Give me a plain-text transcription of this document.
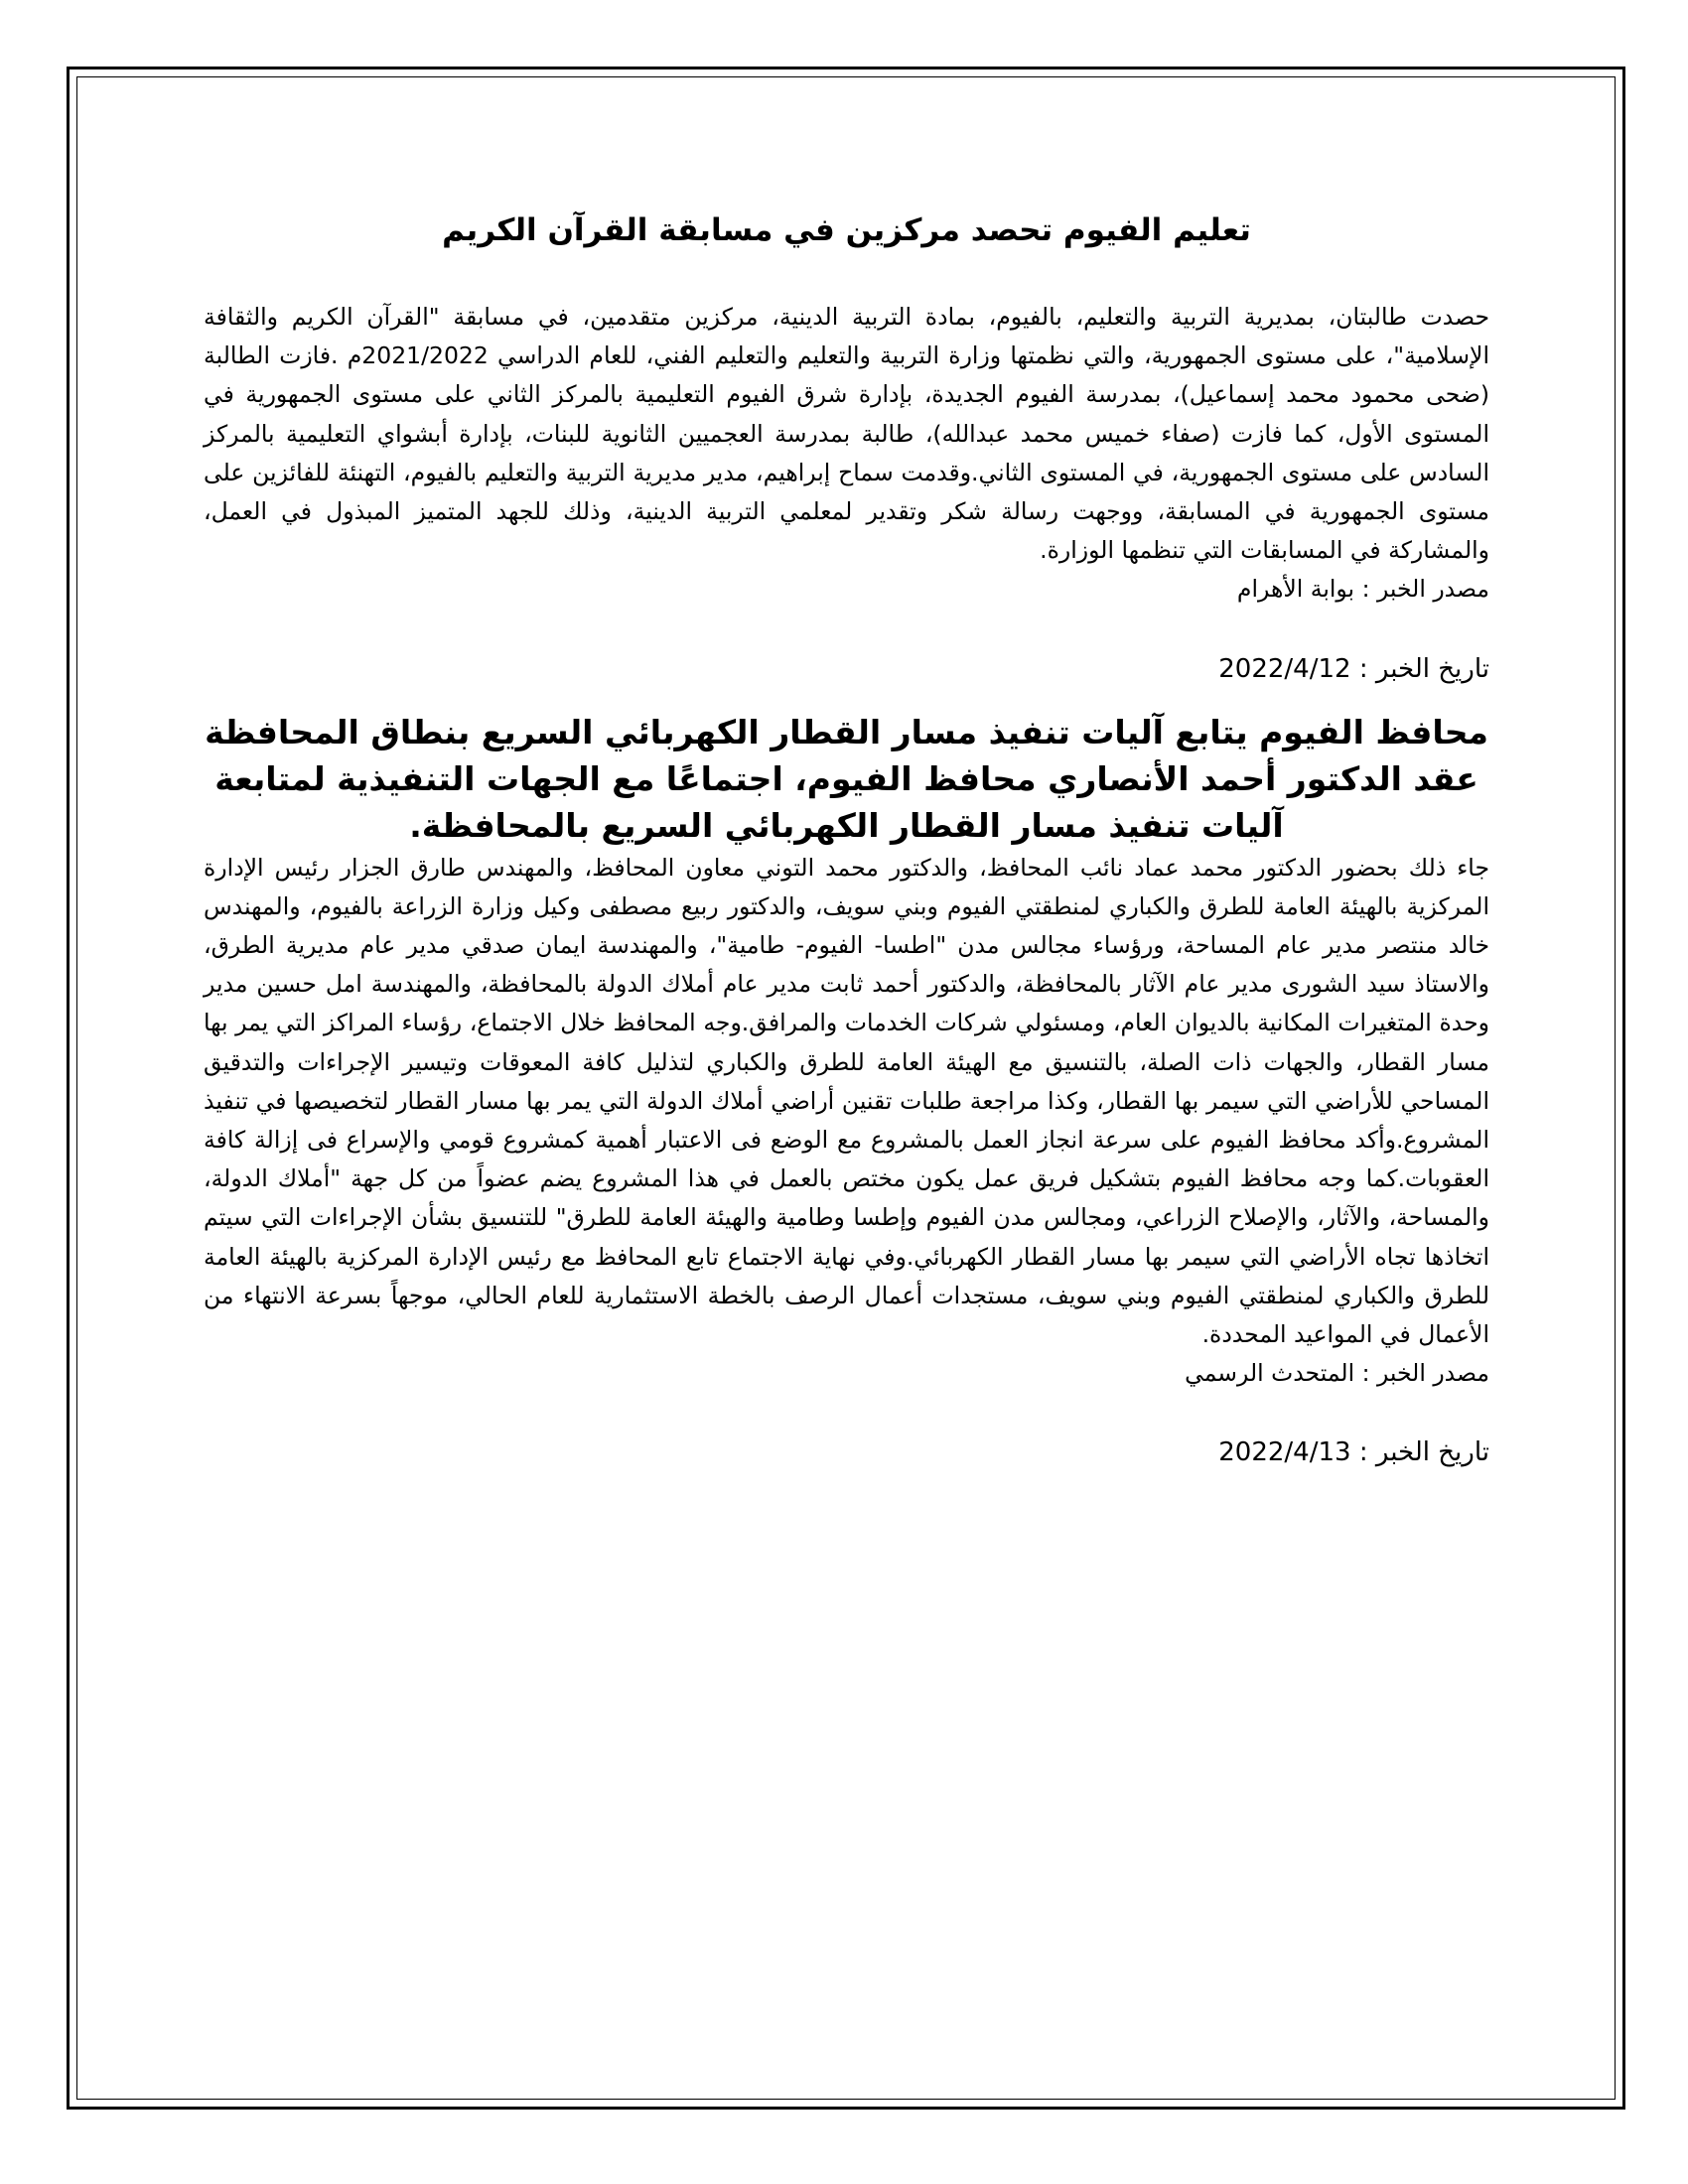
تعليم الفيوم تحصد مركزين في مسابقة القرآن الكريم

حصدت طالبتان، بمديرية التربية والتعليم، بالفيوم، بمادة التربية الدينية، مركزين متقدمين، في مسابقة "القرآن الكريم والثقافة الإسلامية"، على مستوى الجمهورية، والتي نظمتها وزارة التربية والتعليم والتعليم الفني، للعام الدراسي 2021/2022م .فازت الطالبة (ضحى محمود محمد إسماعيل)، بمدرسة الفيوم الجديدة، بإدارة شرق الفيوم التعليمية بالمركز الثاني على مستوى الجمهورية في المستوى الأول، كما فازت (صفاء خميس محمد عبدالله)، طالبة بمدرسة العجميين الثانوية للبنات، بإدارة أبشواي التعليمية بالمركز السادس على مستوى الجمهورية، في المستوى الثاني.وقدمت سماح إبراهيم، مدير مديرية التربية والتعليم بالفيوم، التهنئة للفائزين على مستوى الجمهورية في المسابقة، ووجهت رسالة شكر وتقدير لمعلمي التربية الدينية، وذلك للجهد المتميز المبذول في العمل، والمشاركة في المسابقات التي تنظمها الوزارة.

مصدر الخبر : بوابة الأهرام

تاريخ الخبر : 2022/4/12

محافظ الفيوم يتابع آليات تنفيذ مسار القطار الكهربائي السريع بنطاق المحافظة عقد الدكتور أحمد الأنصاري محافظ الفيوم، اجتماعًا مع الجهات التنفيذية لمتابعة آليات تنفيذ مسار القطار الكهربائي السريع بالمحافظة.

جاء ذلك بحضور الدكتور محمد عماد نائب المحافظ، والدكتور محمد التوني معاون المحافظ، والمهندس طارق الجزار رئيس الإدارة المركزية بالهيئة العامة للطرق والكباري لمنطقتي الفيوم وبني سويف، والدكتور ربيع مصطفى وكيل وزارة الزراعة بالفيوم، والمهندس خالد منتصر مدير عام المساحة، ورؤساء مجالس مدن "اطسا- الفيوم- طامية"، والمهندسة ايمان صدقي مدير عام مديرية الطرق، والاستاذ سيد الشورى مدير عام الآثار بالمحافظة، والدكتور أحمد ثابت مدير عام أملاك الدولة بالمحافظة، والمهندسة امل حسين مدير وحدة المتغيرات المكانية بالديوان العام، ومسئولي شركات الخدمات والمرافق.وجه المحافظ خلال الاجتماع، رؤساء المراكز التي يمر بها مسار القطار، والجهات ذات الصلة، بالتنسيق مع الهيئة العامة للطرق والكباري لتذليل كافة المعوقات وتيسير الإجراءات والتدقيق المساحي للأراضي التي سيمر بها القطار، وكذا مراجعة طلبات تقنين أراضي أملاك الدولة التي يمر بها مسار القطار لتخصيصها في تنفيذ المشروع.وأكد محافظ الفيوم على سرعة انجاز العمل بالمشروع مع الوضع فى الاعتبار أهمية كمشروع قومي والإسراع فى إزالة كافة العقوبات.كما وجه محافظ الفيوم بتشكيل فريق عمل يكون مختص بالعمل في هذا المشروع يضم عضواً من كل جهة "أملاك الدولة، والمساحة، والآثار، والإصلاح الزراعي، ومجالس مدن الفيوم وإطسا وطامية والهيئة العامة للطرق" للتنسيق بشأن الإجراءات التي سيتم اتخاذها تجاه الأراضي التي سيمر بها مسار القطار الكهربائي.وفي نهاية الاجتماع تابع المحافظ مع رئيس الإدارة المركزية بالهيئة العامة للطرق والكباري لمنطقتي الفيوم وبني سويف، مستجدات أعمال الرصف بالخطة الاستثمارية للعام الحالي، موجهاً بسرعة الانتهاء من الأعمال في المواعيد المحددة.

مصدر الخبر : المتحدث الرسمي

تاريخ الخبر : 2022/4/13
